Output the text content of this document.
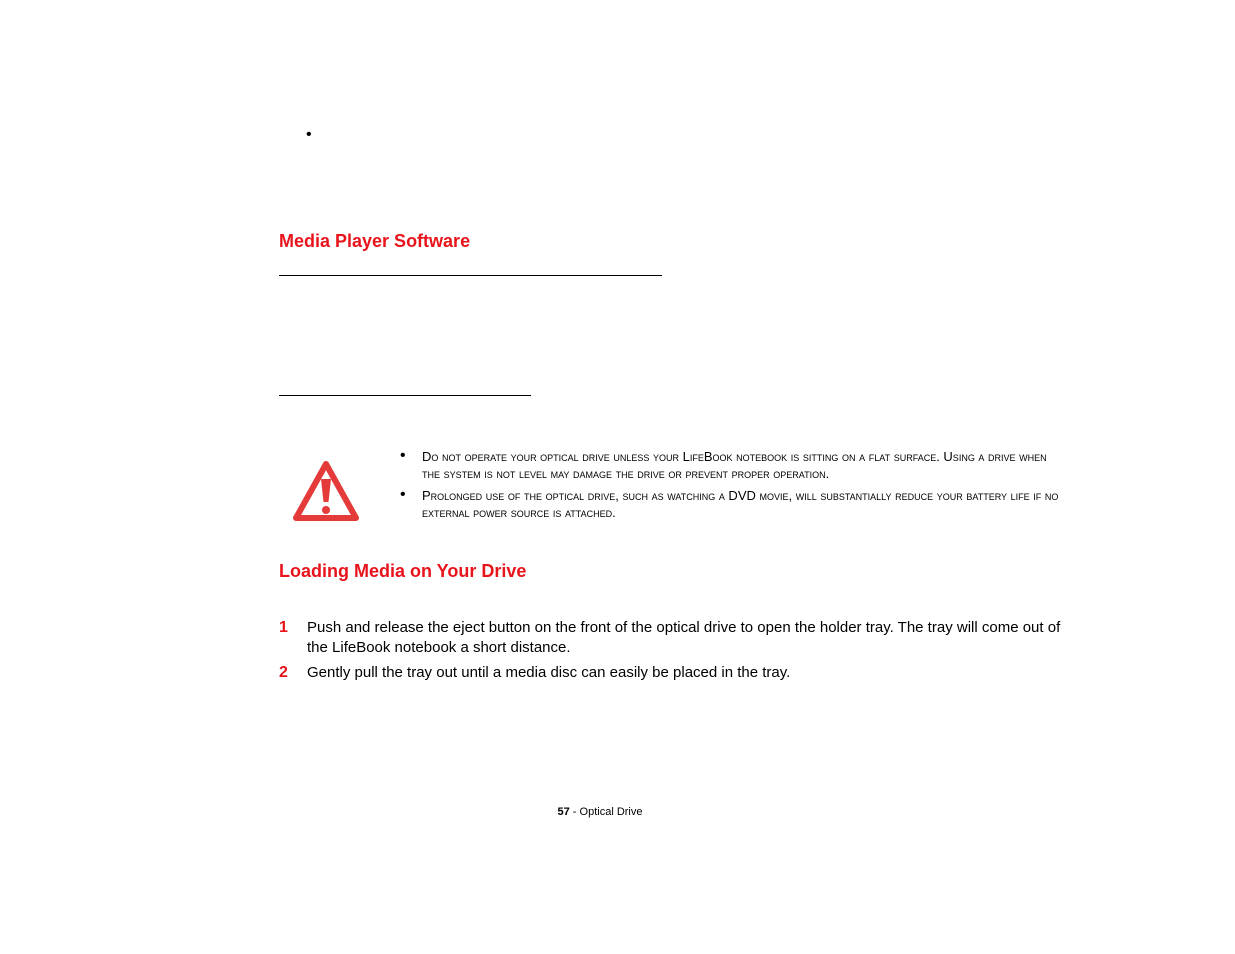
•
Media Player Software
• Do not operate your optical drive unless your LifeBook notebook is sitting on a flat surface. Using a drive when the system is not level may damage the drive or prevent proper operation.
• Prolonged use of the optical drive, such as watching a DVD movie, will substantially reduce your battery life if no external power source is attached.
Loading Media on Your Drive
1 Push and release the eject button on the front of the optical drive to open the holder tray. The tray will come out of the LifeBook notebook a short distance.
2 Gently pull the tray out until a media disc can easily be placed in the tray.
57 - Optical Drive
